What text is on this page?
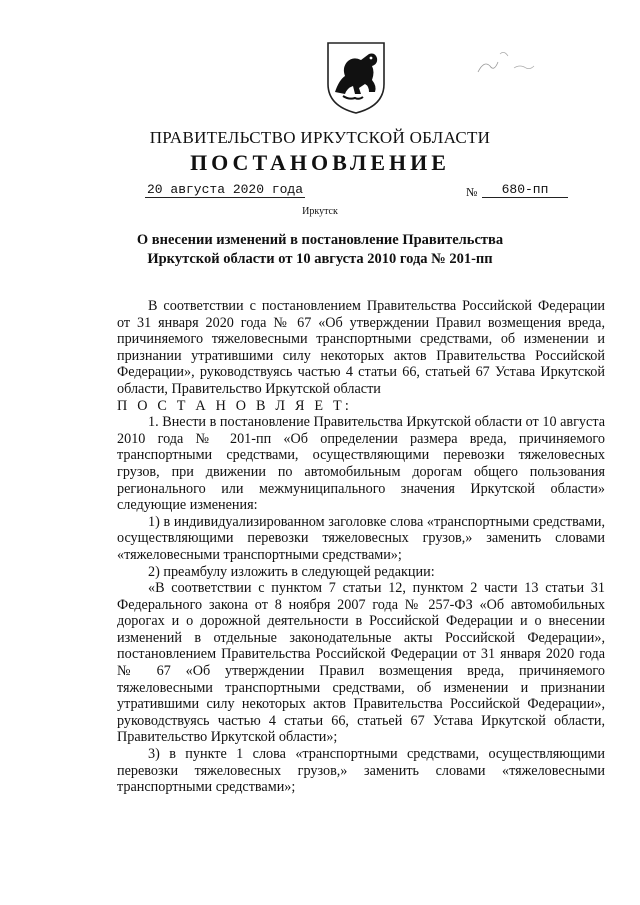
ПРАВИТЕЛЬСТВО ИРКУТСКОЙ ОБЛАСТИ
ПОСТАНОВЛЕНИЕ
20 августа 2020 года	№	680-пп
Иркутск
О внесении изменений в постановление Правительства Иркутской области от 10 августа 2010 года № 201-пп

В соответствии с постановлением Правительства Российской Федерации от 31 января 2020 года № 67 «Об утверждении Правил возмещения вреда, причиняемого тяжеловесными транспортными средствами, об изменении и признании утратившими силу некоторых актов Правительства Российской Федерации», руководствуясь частью 4 статьи 66, статьей 67 Устава Иркутской области, Правительство Иркутской области

П О С Т А Н О В Л Я Е Т:

1. Внести в постановление Правительства Иркутской области от 10 августа 2010 года № 201-пп «Об определении размера вреда, причиняемого транспортными средствами, осуществляющими перевозки тяжеловесных грузов, при движении по автомобильным дорогам общего пользования регионального или межмуниципального значения Иркутской области» следующие изменения:

1) в индивидуализированном заголовке слова «транспортными средствами, осуществляющими перевозки тяжеловесных грузов,» заменить словами «тяжеловесными транспортными средствами»;

2) преамбулу изложить в следующей редакции:

«В соответствии с пунктом 7 статьи 12, пунктом 2 части 13 статьи 31 Федерального закона от 8 ноября 2007 года № 257-ФЗ «Об автомобильных дорогах и о дорожной деятельности в Российской Федерации и о внесении изменений в отдельные законодательные акты Российской Федерации», постановлением Правительства Российской Федерации от 31 января 2020 года № 67 «Об утверждении Правил возмещения вреда, причиняемого тяжеловесными транспортными средствами, об изменении и признании утратившими силу некоторых актов Правительства Российской Федерации», руководствуясь частью 4 статьи 66, статьей 67 Устава Иркутской области, Правительство Иркутской области»;

3) в пункте 1 слова «транспортными средствами, осуществляющими перевозки тяжеловесных грузов,» заменить словами «тяжеловесными транспортными средствами»;
